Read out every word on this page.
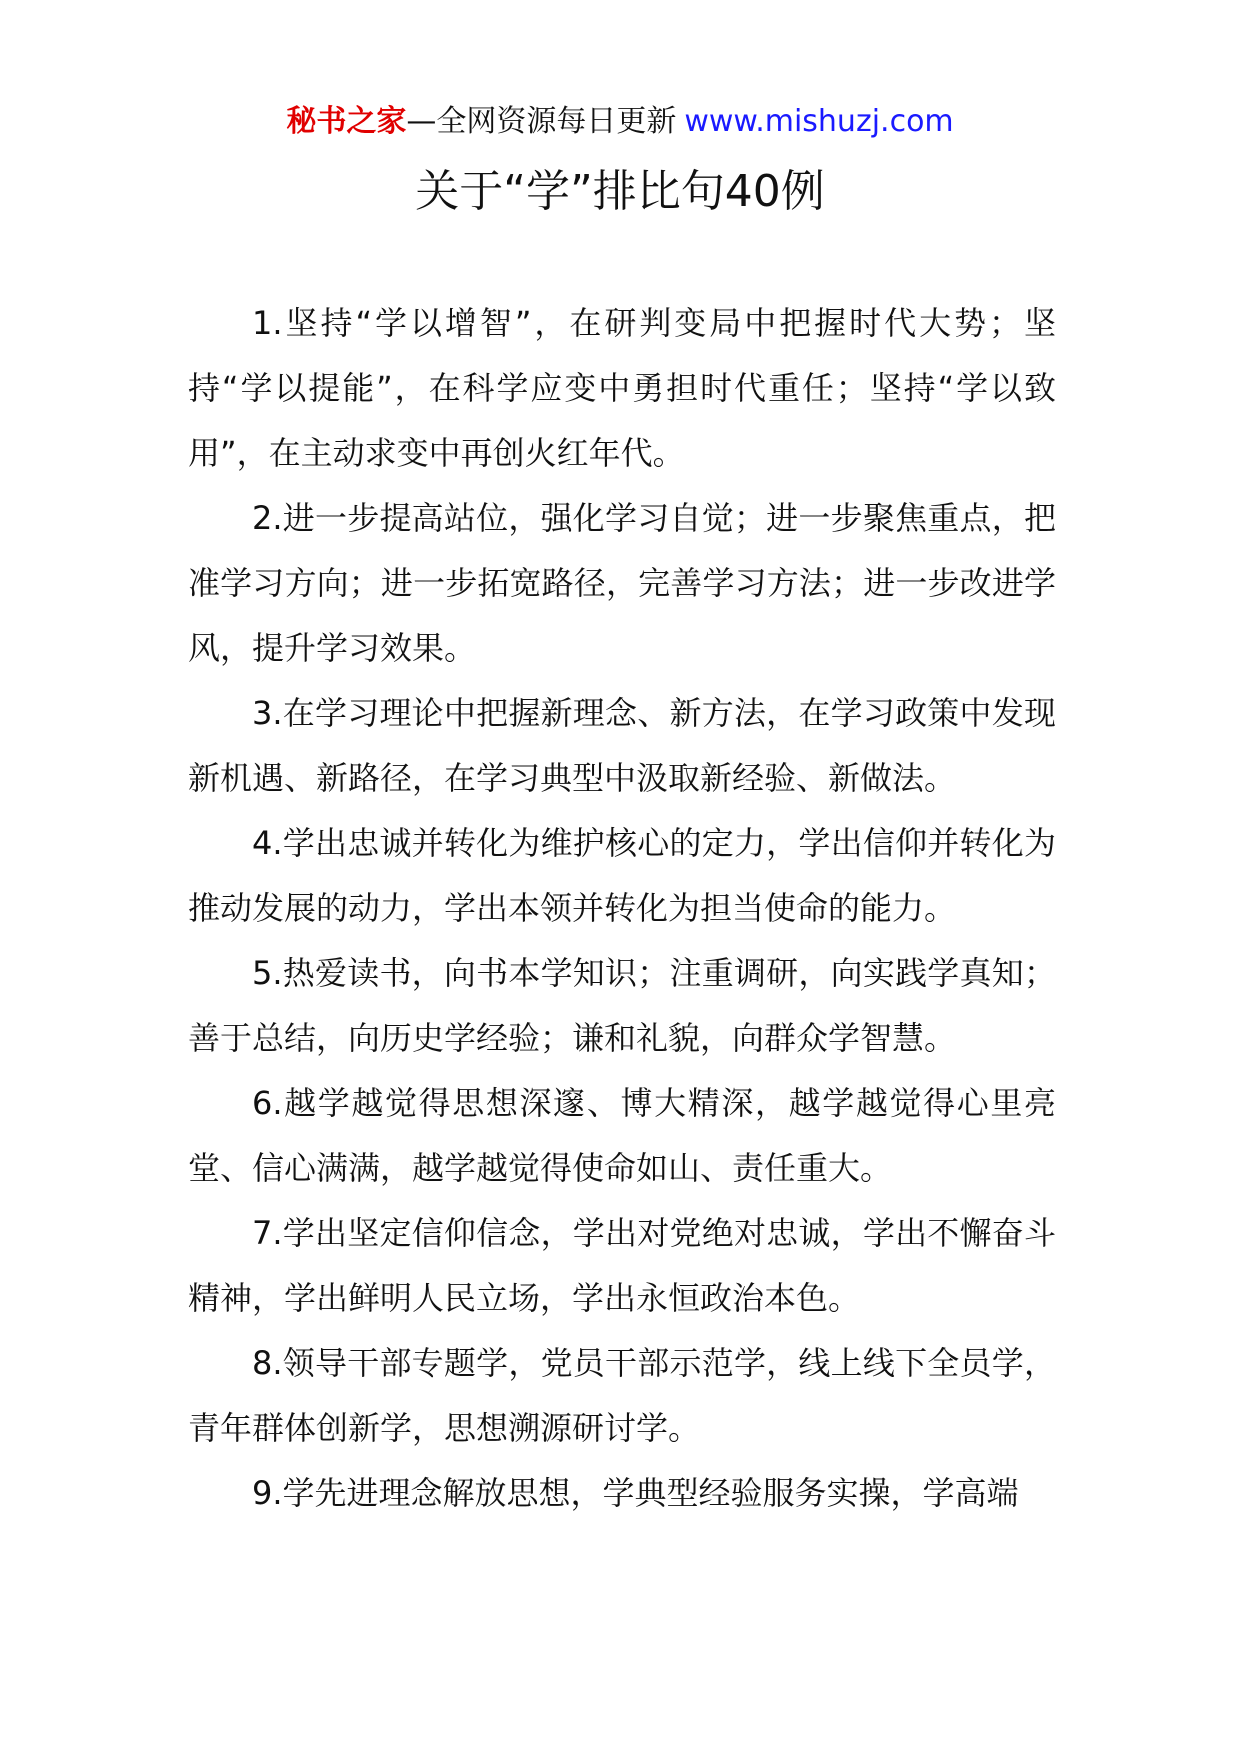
秘书之家—全网资源每日更新 www.mishuzj.com
关于“学”排比句40例

1.坚持“学以增智”，在研判变局中把握时代大势；坚持“学以提能”，在科学应变中勇担时代重任；坚持“学以致用”，在主动求变中再创火红年代。

2.进一步提高站位，强化学习自觉；进一步聚焦重点，把准学习方向；进一步拓宽路径，完善学习方法；进一步改进学风，提升学习效果。

3.在学习理论中把握新理念、新方法，在学习政策中发现新机遇、新路径，在学习典型中汲取新经验、新做法。

4.学出忠诚并转化为维护核心的定力，学出信仰并转化为推动发展的动力，学出本领并转化为担当使命的能力。

5.热爱读书，向书本学知识；注重调研，向实践学真知；善于总结，向历史学经验；谦和礼貌，向群众学智慧。

6.越学越觉得思想深邃、博大精深，越学越觉得心里亮堂、信心满满，越学越觉得使命如山、责任重大。

7.学出坚定信仰信念，学出对党绝对忠诚，学出不懈奋斗精神，学出鲜明人民立场，学出永恒政治本色。

8.领导干部专题学，党员干部示范学，线上线下全员学，青年群体创新学，思想溯源研讨学。

9.学先进理念解放思想，学典型经验服务实操，学高端
